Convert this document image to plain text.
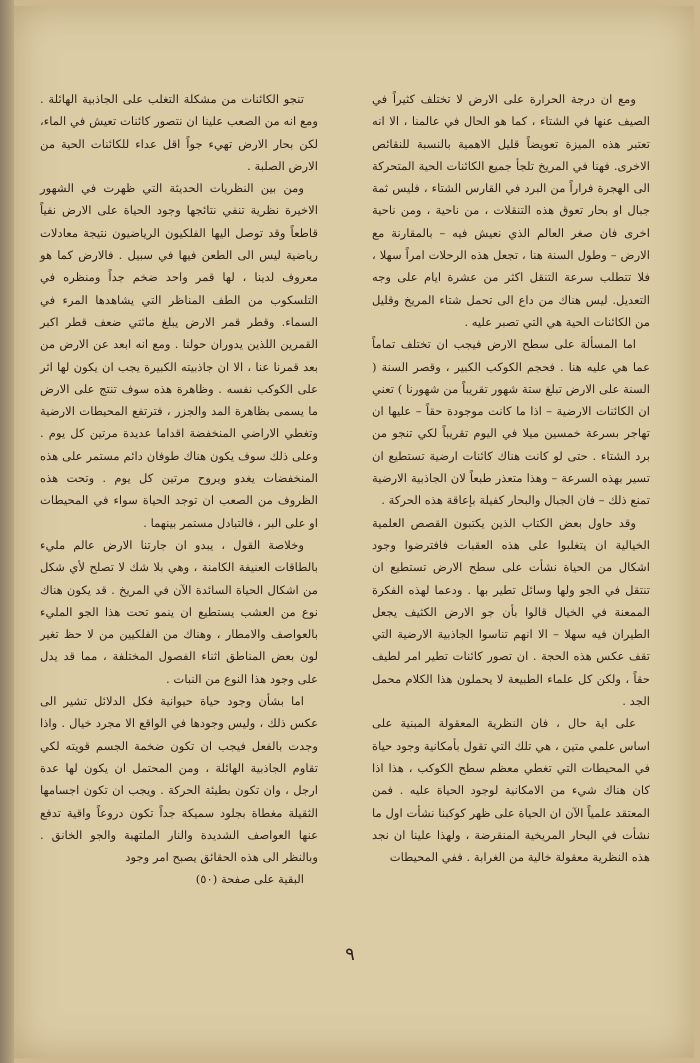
ومع ان درجة الحرارة على الارض لا تختلف كثيراً في الصيف عنها في الشتاء ، كما هو الحال في عالمنا ، الا انه تعتبر هذه الميزة تعويضاً قليل الاهمية بالنسبة للنقائص الاخرى. فهنا في المريخ تلجأ جميع الكائنات الحية المتحركة الى الهجرة فراراً من البرد في القارس الشتاء ، فليس ثمة جبال او بحار تعوق هذه التنقلات ، من ناحية ، ومن ناحية اخرى فان صغر العالم الذي نعيش فيه – بالمقارنة مع الارض – وطول السنة هنا ، تجعل هذه الرحلات امراً سهلا ، فلا تتطلب سرعة التنقل اكثر من عشرة ايام على وجه التعديل. ليس هناك من داع الى تحمل شتاء المريخ وقليل من الكائنات الحية هي التي تصبر عليه .

اما المسألة على سطح الارض فيجب ان تختلف تماماً عما هي عليه هنا . فحجم الكوكب الكبير ، وقصر السنة ( السنة على الارض تبلغ ستة شهور تقريباً من شهورنا ) تعني ان الكائنات الارضية – اذا ما كانت موجودة حقاً – عليها ان تهاجر بسرعة خمسين ميلا في اليوم تقريباً لكي تنجو من برد الشتاء . حتى لو كانت هناك كائنات ارضية تستطيع ان تسير بهذه السرعة – وهذا متعذر طبعاً لان الجاذبية الارضية تمنع ذلك – فان الجبال والبحار كفيلة بإعاقة هذه الحركة .

وقد حاول بعض الكتاب الذين يكتبون القصص العلمية الخيالية ان يتغلبوا على هذه العقبات فافترضوا وجود اشكال من الحياة نشأت على سطح الارض تستطيع ان تنتقل في الجو ولها وسائل تطير بها . ودعما لهذه الفكرة الممعنة في الخيال قالوا بأن جو الارض الكثيف يجعل الطيران فيه سهلا – الا انهم تناسوا الجاذبية الارضية التي تقف عكس هذه الحجة . ان تصور كائنات تطير امر لطيف حقاً ، ولكن كل علماء الطبيعة لا يحملون هذا الكلام محمل الجد .

على اية حال ، فان النظرية المعقولة المبنية على اساس علمي متين ، هي تلك التي تقول بأمكانية وجود حياة في المحيطات التي تغطي معظم سطح الكوكب ، هذا اذا كان هناك شيء من الامكانية لوجود الحياة عليه . فمن المعتقد علمياً الآن ان الحياة على ظهر كوكبنا نشأت اول ما نشأت في البحار المريخية المنقرضة ، ولهذا علينا ان نجد هذه النظرية معقولة خالية من الغرابة . ففي المحيطات

تنجو الكائنات من مشكلة التغلب على الجاذبية الهائلة . ومع انه من الصعب علينا ان نتصور كائنات تعيش في الماء، لكن بحار الارض تهيء جواً اقل عداء للكائنات الحية من الارض الصلبة .

ومن بين النظريات الحديثة التي ظهرت في الشهور الاخيرة نظرية تنفي نتائجها وجود الحياة على الارض نفياً قاطعاً وقد توصل اليها الفلكيون الرياضيون نتيجة معادلات رياضية ليس الى الطعن فيها في سبيل . فالارض كما هو معروف لدينا ، لها قمر واحد ضخم جداً ومنظره في التلسكوب من الطف المناظر التي يشاهدها المرء في السماء. وقطر قمر الارض يبلغ مائتي ضعف قطر اكبر القمرين اللذين يدوران حولنا . ومع انه ابعد عن الارض من بعد قمرنا عنا ، الا ان جاذبيته الكبيرة يجب ان يكون لها اثر على الكوكب نفسه . وظاهرة هذه سوف تنتج على الارض ما يسمى بظاهرة المد والجزر ، فترتفع المحيطات الارضية وتغطي الاراضي المنخفضة اقداما عديدة مرتين كل يوم . وعلى ذلك سوف يكون هناك طوفان دائم مستمر على هذه المنخفضات يغدو ويروح مرتين كل يوم . وتحت هذه الظروف من الصعب ان توجد الحياة سواء في المحيطات او على البر ، فالتبادل مستمر بينهما .

وخلاصة القول ، يبدو ان جارتنا الارض عالم مليء بالطاقات العنيفة الكامنة ، وهي بلا شك لا تصلح لأي شكل من اشكال الحياة السائدة الآن في المريخ . قد يكون هناك نوع من العشب يستطيع ان ينمو تحت هذا الجو المليء بالعواصف والامطار ، وهناك من الفلكيين من لا حظ تغير لون بعض المناطق اثناء الفصول المختلفة ، مما قد يدل على وجود هذا النوع من النبات .

اما بشأن وجود حياة حيوانية فكل الدلائل تشير الى عكس ذلك ، وليس وجودها في الواقع الا مجرد خيال . واذا وجدت بالفعل فيجب ان تكون ضخمة الجسم قويته لكي تقاوم الجاذبية الهائلة ، ومن المحتمل ان يكون لها عدة ارجل ، وان تكون بطيئة الحركة . ويجب ان تكون اجسامها الثقيلة مغطاة بجلود سميكة جداً تكون دروعاً واقية تدفع عنها العواصف الشديدة والنار الملتهبة والجو الخانق . وبالنظر الى هذه الحقائق يصبح امر وجود

البقية على صفحة (٥٠)

٩
